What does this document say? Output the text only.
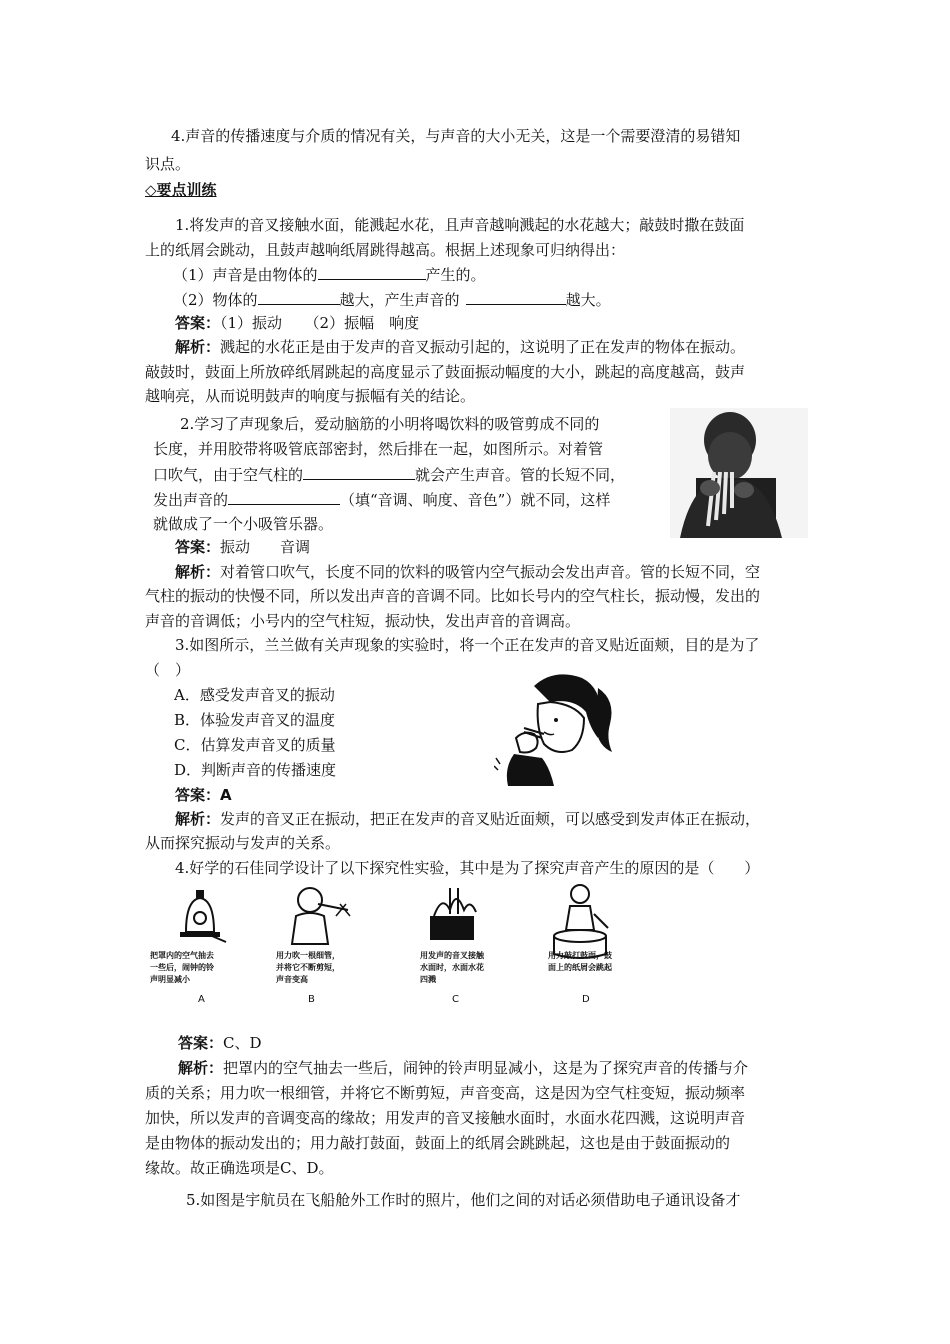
4.声音的传播速度与介质的情况有关，与声音的大小无关，这是一个需要澄清的易错知
识点。
◇要点训练
1.将发声的音叉接触水面，能溅起水花，且声音越响溅起的水花越大；敲鼓时撒在鼓面
上的纸屑会跳动，且鼓声越响纸屑跳得越高。根据上述现象可归纳得出：
（1）声音是由物体的	产生的。
（2）物体的	越大，产生声音的	越大。
答案：（1）振动　　（2）振幅　响度
解析：溅起的水花正是由于发声的音叉振动引起的，这说明了正在发声的物体在振动。
敲鼓时，鼓面上所放碎纸屑跳起的高度显示了鼓面振动幅度的大小，跳起的高度越高，鼓声
越响亮，从而说明鼓声的响度与振幅有关的结论。
2.学习了声现象后，爱动脑筋的小明将喝饮料的吸管剪成不同的
长度，并用胶带将吸管底部密封，然后排在一起，如图所示。对着管
口吹气，由于空气柱的	就会产生声音。管的长短不同，
发出声音的	（填“音调、响度、音色”）就不同，这样
就做成了一个小吸管乐器。
答案：振动　　音调
解析：对着管口吹气，长度不同的饮料的吸管内空气振动会发出声音。管的长短不同，空
气柱的振动的快慢不同，所以发出声音的音调不同。比如长号内的空气柱长，振动慢，发出的
声音的音调低；小号内的空气柱短，振动快，发出声音的音调高。
3.如图所示，兰兰做有关声现象的实验时，将一个正在发声的音叉贴近面颊，目的是为了
（　）
A．感受发声音叉的振动
B．体验发声音叉的温度
C．估算发声音叉的质量
D．判断声音的传播速度
答案：A
解析：发声的音叉正在振动，把正在发声的音叉贴近面颊，可以感受到发声体正在振动，
从而探究振动与发声的关系。
4.好学的石佳同学设计了以下探究性实验，其中是为了探究声音产生的原因的是（　　）
把罩内的空气抽去
一些后，闹钟的铃
声明显减小
A
用力吹一根细管，
并将它不断剪短，
声音变高
B
用发声的音叉接触
水面时，水面水花
四溅
C
用力敲打鼓面，鼓
面上的纸屑会跳起
D
答案：C、D
解析：把罩内的空气抽去一些后，闹钟的铃声明显减小，这是为了探究声音的传播与介
质的关系；用力吹一根细管，并将它不断剪短，声音变高，这是因为空气柱变短，振动频率
加快，所以发声的音调变高的缘故；用发声的音叉接触水面时，水面水花四溅，这说明声音
是由物体的振动发出的；用力敲打鼓面，鼓面上的纸屑会跳跳起，这也是由于鼓面振动的
缘故。故正确选项是C、D。
5.如图是宇航员在飞船舱外工作时的照片，他们之间的对话必须借助电子通讯设备才
